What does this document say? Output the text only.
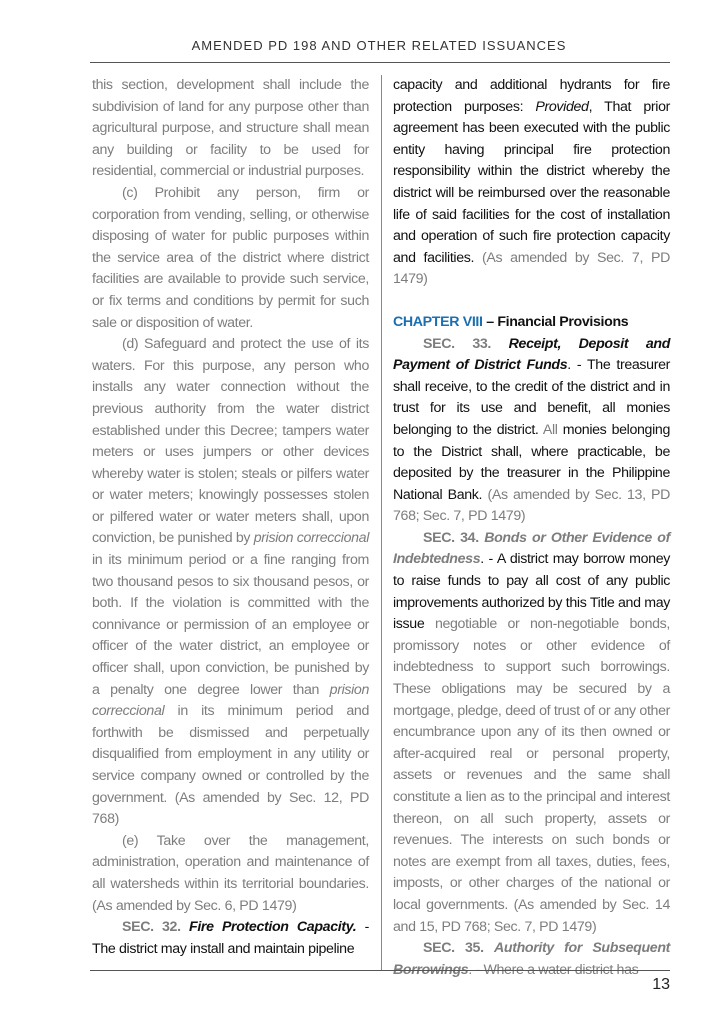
AMENDED PD 198 AND OTHER RELATED ISSUANCES

this section, development shall include the subdivision of land for any purpose other than agricultural purpose, and structure shall mean any building or facility to be used for residential, commercial or industrial purposes.

(c) Prohibit any person, firm or corporation from vending, selling, or otherwise disposing of water for public purposes within the service area of the district where district facilities are available to provide such service, or fix terms and conditions by permit for such sale or disposition of water.

(d) Safeguard and protect the use of its waters. For this purpose, any person who installs any water connection without the previous authority from the water district established under this Decree; tampers water meters or uses jumpers or other devices whereby water is stolen; steals or pilfers water or water meters; knowingly possesses stolen or pilfered water or water meters shall, upon conviction, be punished by prision correccional in its minimum period or a fine ranging from two thousand pesos to six thousand pesos, or both. If the violation is committed with the connivance or permission of an employee or officer of the water district, an employee or officer shall, upon conviction, be punished by a penalty one degree lower than prision correccional in its minimum period and forthwith be dismissed and perpetually disqualified from employment in any utility or service company owned or controlled by the government. (As amended by Sec. 12, PD 768)

(e) Take over the management, administration, operation and maintenance of all watersheds within its territorial boundaries. (As amended by Sec. 6, PD 1479)

SEC. 32. Fire Protection Capacity. - The district may install and maintain pipeline

capacity and additional hydrants for fire protection purposes: Provided, That prior agreement has been executed with the public entity having principal fire protection responsibility within the district whereby the district will be reimbursed over the reasonable life of said facilities for the cost of installation and operation of such fire protection capacity and facilities. (As amended by Sec. 7, PD 1479)

CHAPTER VIII – Financial Provisions

SEC. 33. Receipt, Deposit and Payment of District Funds. - The treasurer shall receive, to the credit of the district and in trust for its use and benefit, all monies belonging to the district. All monies belonging to the District shall, where practicable, be deposited by the treasurer in the Philippine National Bank. (As amended by Sec. 13, PD 768; Sec. 7, PD 1479)

SEC. 34. Bonds or Other Evidence of Indebtedness. - A district may borrow money to raise funds to pay all cost of any public improvements authorized by this Title and may issue negotiable or non-negotiable bonds, promissory notes or other evidence of indebtedness to support such borrowings. These obligations may be secured by a mortgage, pledge, deed of trust of or any other encumbrance upon any of its then owned or after-acquired real or personal property, assets or revenues and the same shall constitute a lien as to the principal and interest thereon, on all such property, assets or revenues. The interests on such bonds or notes are exempt from all taxes, duties, fees, imposts, or other charges of the national or local governments. (As amended by Sec. 14 and 15, PD 768; Sec. 7, PD 1479)

SEC. 35. Authority for Subsequent Borrowings. - Where a water district has

13
